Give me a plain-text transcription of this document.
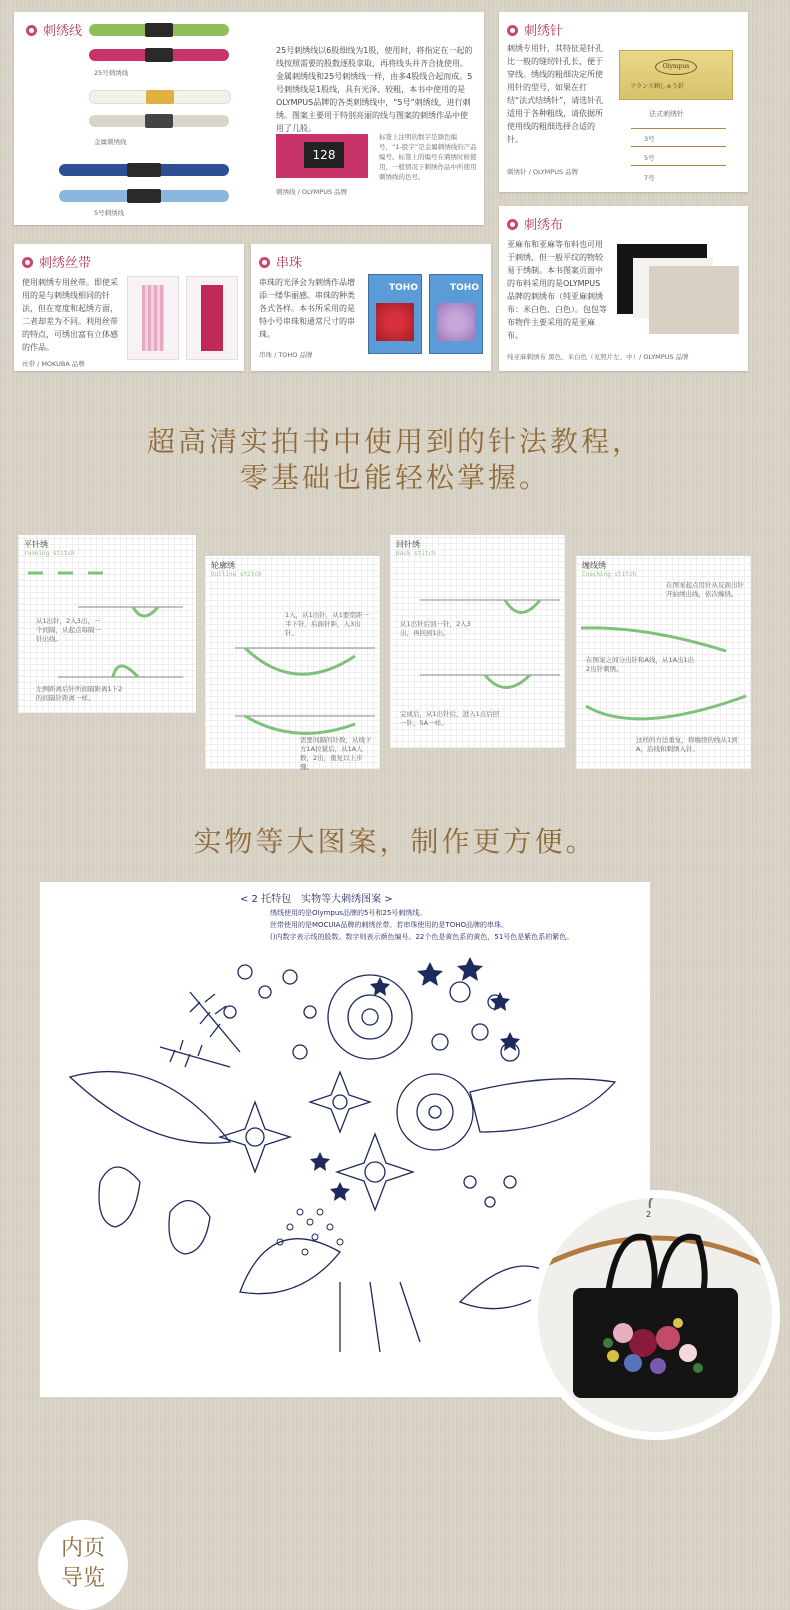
刺绣线
25号刺绣线
金属刺绣线
5号刺绣线
25号刺绣线以6股细线为1股，使用时，将指定在一起的线按照需要的股数逐股拿取，再将线头并齐合拢使用。金属刺绣线和25号刺绣线一样，由多4股线合起而成。5号刺绣线是1股线，具有光泽、较粗，本书中使用的是OLYMPUS品牌的各类刺绣线中，“5号”刺绣线，进行刺绣。图案主要用于特别亮丽的线与图案的刺绣作品中使用了几股。
128
刺绣线 / OLYMPUS 品牌
标签上注明的数字是颜色编号，“1-股字”是金属刺绣线的产品编号。标签上的编号在刺绣时候使用，一般情况下刺绣作品中所使用刺绣线的色号。
刺绣针
刺绣专用针，其特征是针孔比一般的缝纫针孔长，便于穿线。绣线的粗细决定所使用针的型号，如果在打结“法式结绣针”，请选针孔适用于各种粗线，请依据所使用线的粗细选择合适的针。
刺绣针 / OLYMPUS 品牌
Olympus
フランス刺しゅう針
法式刺绣针
3号
5号
7号
刺绣丝带
使用刺绣专用丝带。即使采用的是与刺绣线相同的针法，但在宽度和起绣方面，二者却差为不同。利用丝带的特点，可绣出富有立体感的作品。
丝带 / MOKUBA 品牌
串珠
串珠的光泽会为刺绣作品增添一缕华丽感。串珠的种类各式各样。本书所采用的是特小号串珠和通常尺寸的串珠。
串珠 / TOHO 品牌
TOHO	TOHO
刺绣布
亚麻布和亚麻等布料也可用于刺绣，但一般平纹的物较易于绣制。本书图案页面中的布料采用的是OLYMPUS品牌的刺绣布（纯亚麻刺绣布：米白色、白色）。包包等布物件主要采用的是亚麻布。
纯亚麻刺绣布 黑色、米白色（见照片左、中）/ OLYMPUS 品牌
超高清实拍书中使用到的针法教程，
零基础也能轻松掌握。
平针绣
running stitch
从1出针，2入3出，一个间隔，从起点每隔一针出线。
左侧距离后针所间隔距离1下2的间隔针距离一样。
轮廓绣
Outline stitch
1入，从1出针，从1要宽距一半下针，后面针距，入3出针。
需要间隔的针数，从线下方1A拉紧后，从1A人数，2出，重复以上步骤。
回针绣
Back stitch
从1出针后回一针，2入3出，再回到1出。
完成后，从1出针后，进入1点后回一针，5A一样。
缠线绣
Coaching stitch
在图案起点用针从反面出针开始绣出线，依次缠绕。
在图案之间分出针和A线，从1A出1出2出针刺绣。
这样的方法重复，将缠绕的线从1到A，沿线和刺绣入针。
实物等大图案，制作更方便。
< 2 托特包　实物等大刺绣图案 >
绣线使用的是Olympus品牌的5号和25号刺绣线。
丝带使用的是MOCUIA品牌的刺绣丝带。若串珠使用的是TOHO品牌的串珠。
()内数字表示线的股数。数字则表示颜色编号。22个色是黄色系的黄色，51号色是紫色系的紫色。
2
内页
导览
